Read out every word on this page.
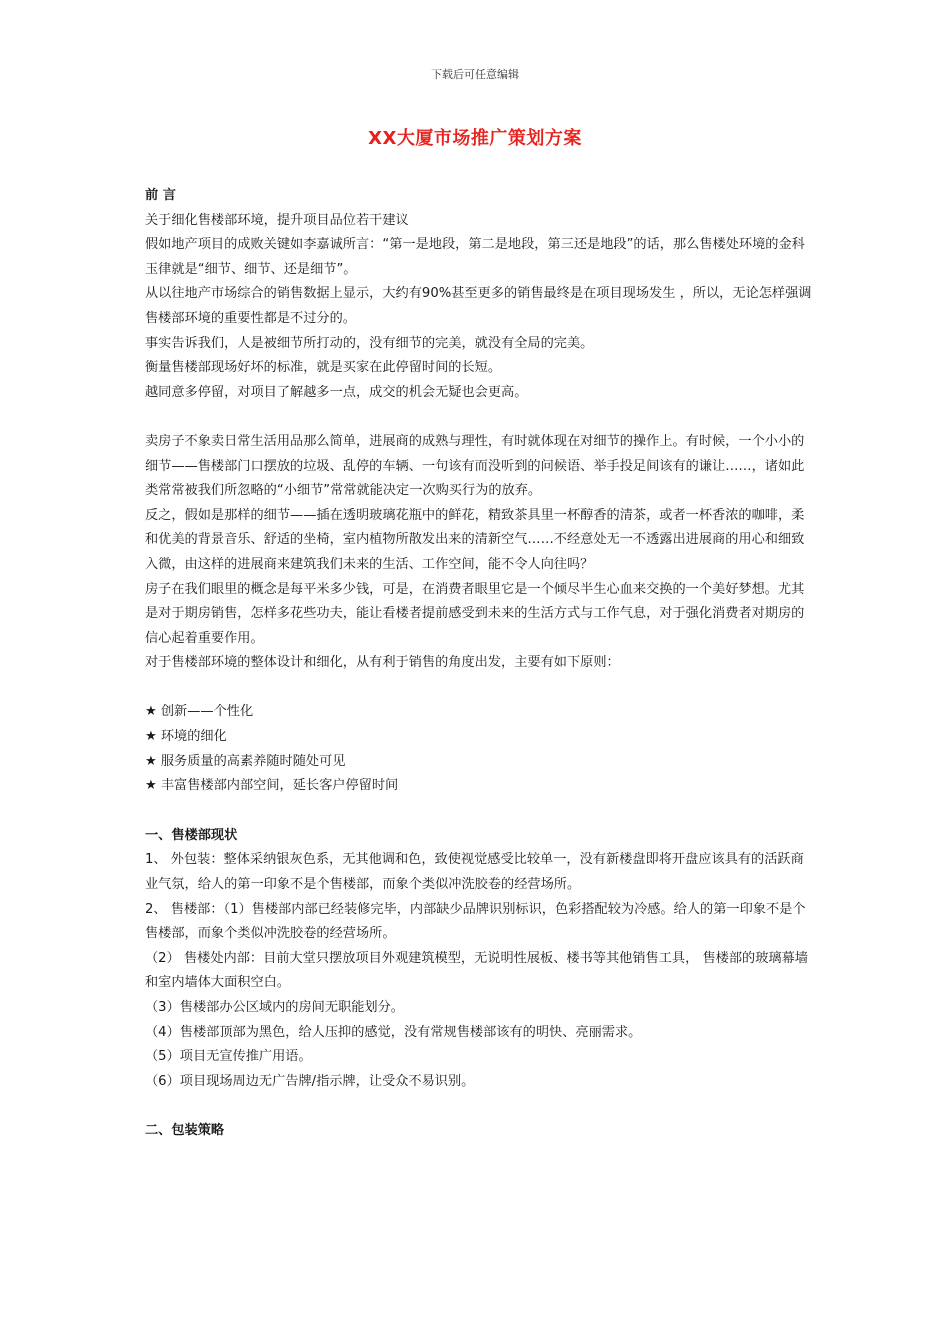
下载后可任意编辑
XX大厦市场推广策划方案

前 言

关于细化售楼部环境，提升项目品位若干建议

假如地产项目的成败关键如李嘉诚所言：“第一是地段，第二是地段，第三还是地段”的话，那么售楼处环境的金科玉律就是“细节、细节、还是细节”。

从以往地产市场综合的销售数据上显示，大约有90%甚至更多的销售最终是在项目现场发生 ，所以，无论怎样强调售楼部环境的重要性都是不过分的。

事实告诉我们，人是被细节所打动的，没有细节的完美，就没有全局的完美。

衡量售楼部现场好坏的标准，就是买家在此停留时间的长短。

越同意多停留，对项目了解越多一点，成交的机会无疑也会更高。

卖房子不象卖日常生活用品那么简单，进展商的成熟与理性，有时就体现在对细节的操作上。有时候，一个小小的细节——售楼部门口摆放的垃圾、乱停的车辆、一句该有而没听到的问候语、举手投足间该有的谦让……，诸如此类常常被我们所忽略的“小细节”常常就能决定一次购买行为的放弃。

反之，假如是那样的细节——插在透明玻璃花瓶中的鲜花，精致茶具里一杯醇香的清茶，或者一杯香浓的咖啡，柔和优美的背景音乐、舒适的坐椅，室内植物所散发出来的清新空气……不经意处无一不透露出进展商的用心和细致入微，由这样的进展商来建筑我们未来的生活、工作空间，能不令人向往吗？

房子在我们眼里的概念是每平米多少钱，可是，在消费者眼里它是一个倾尽半生心血来交换的一个美好梦想。尤其是对于期房销售，怎样多花些功夫，能让看楼者提前感受到未来的生活方式与工作气息，对于强化消费者对期房的信心起着重要作用。

对于售楼部环境的整体设计和细化，从有利于销售的角度出发，主要有如下原则：

★ 创新——个性化

★ 环境的细化

★ 服务质量的高素养随时随处可见

★ 丰富售楼部内部空间，延长客户停留时间

一、售楼部现状

1、 外包装：整体采纳银灰色系，无其他调和色，致使视觉感受比较单一，没有新楼盘即将开盘应该具有的活跃商业气氛，给人的第一印象不是个售楼部，而象个类似冲洗胶卷的经营场所。

2、 售楼部：（1）售楼部内部已经装修完毕，内部缺少品牌识别标识，色彩搭配较为冷感。给人的第一印象不是个售楼部，而象个类似冲洗胶卷的经营场所。

（2） 售楼处内部：目前大堂只摆放项目外观建筑模型，无说明性展板、楼书等其他销售工具， 售楼部的玻璃幕墙和室内墙体大面积空白。

（3）售楼部办公区域内的房间无职能划分。

（4）售楼部顶部为黑色，给人压抑的感觉，没有常规售楼部该有的明快、亮丽需求。

（5）项目无宣传推广用语。

（6）项目现场周边无广告牌/指示牌，让受众不易识别。

二、包装策略
